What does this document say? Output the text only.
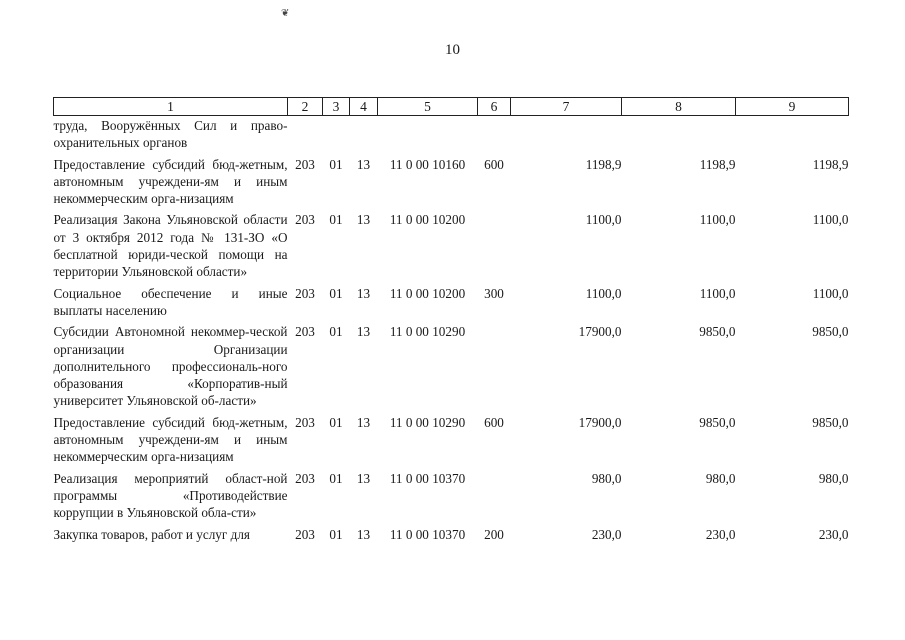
❦
10
1	2	3	4	5	6	7	8	9
труда, Вооружённых Сил и право-охранительных органов								
Предоставление субсидий бюд-жетным, автономным учреждени-ям и иным некоммерческим орга-низациям	203	01	13	11 0 00 10160	600	1198,9	1198,9	1198,9
Реализация Закона Ульяновской области от 3 октября 2012 года № 131-ЗО «О бесплатной юриди-ческой помощи на территории Ульяновской области»	203	01	13	11 0 00 10200		1100,0	1100,0	1100,0
Социальное обеспечение и иные выплаты населению	203	01	13	11 0 00 10200	300	1100,0	1100,0	1100,0
Субсидии Автономной некоммер-ческой организации Организации дополнительного профессиональ-ного образования «Корпоратив-ный университет Ульяновской об-ласти»	203	01	13	11 0 00 10290		17900,0	9850,0	9850,0
Предоставление субсидий бюд-жетным, автономным учреждени-ям и иным некоммерческим орга-низациям	203	01	13	11 0 00 10290	600	17900,0	9850,0	9850,0
Реализация мероприятий област-ной программы «Противодействие коррупции в Ульяновской обла-сти»	203	01	13	11 0 00 10370		980,0	980,0	980,0
Закупка товаров, работ и услуг для	203	01	13	11 0 00 10370	200	230,0	230,0	230,0
